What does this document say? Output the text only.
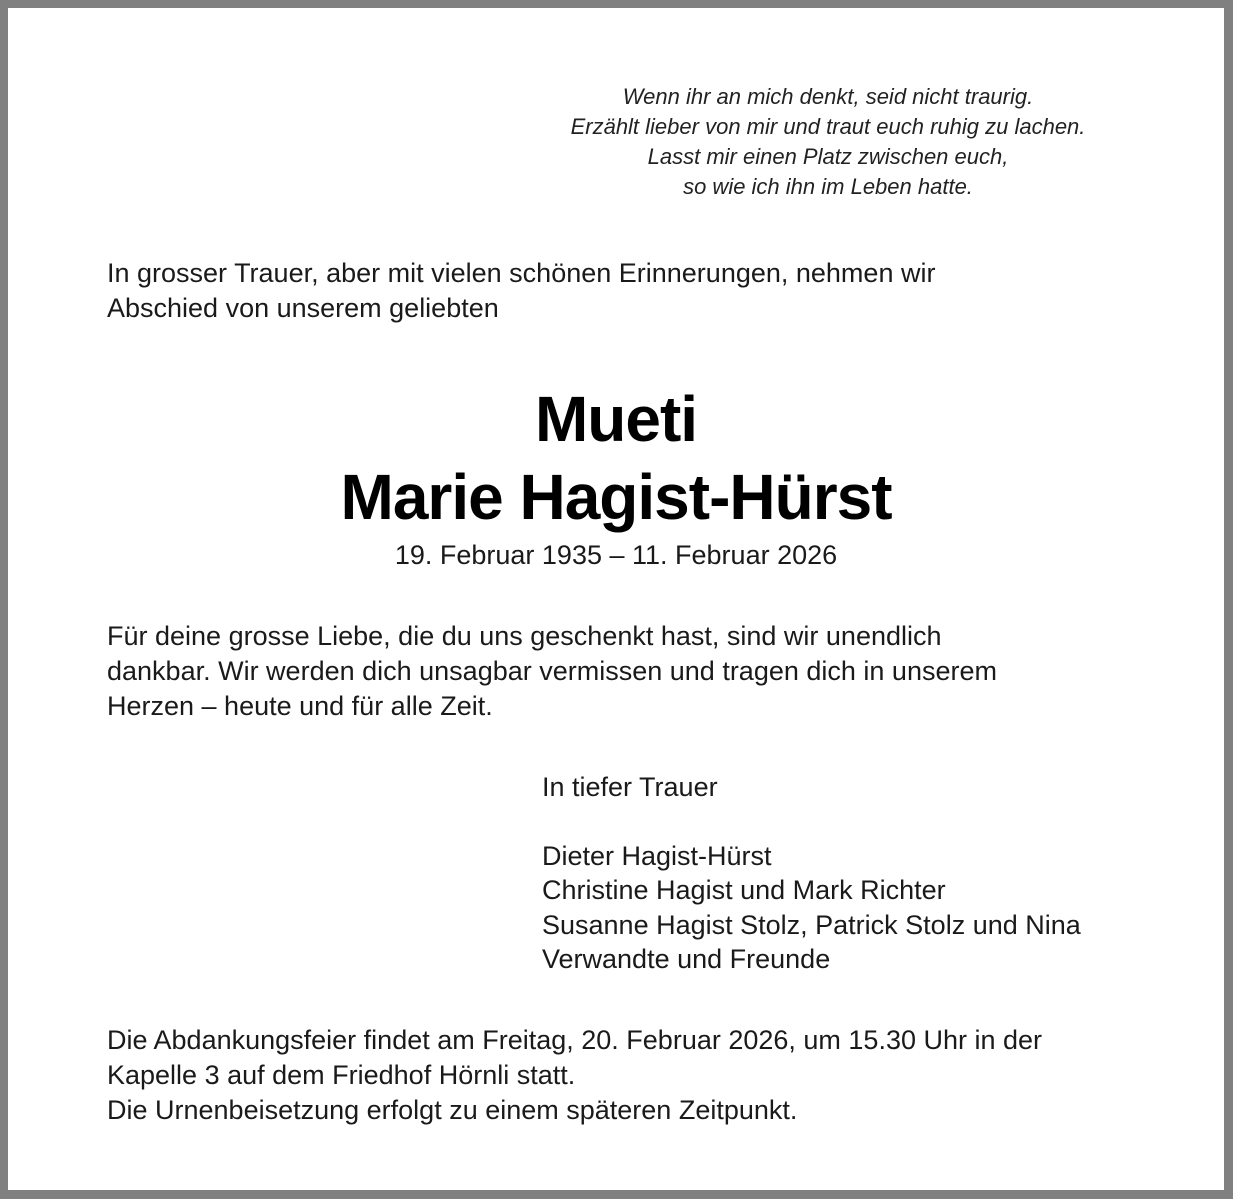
Wenn ihr an mich denkt, seid nicht traurig.
Erzählt lieber von mir und traut euch ruhig zu lachen.
Lasst mir einen Platz zwischen euch,
so wie ich ihn im Leben hatte.
In grosser Trauer, aber mit vielen schönen Erinnerungen, nehmen wir
Abschied von unserem geliebten
Mueti
Marie Hagist-Hürst
19. Februar 1935 – 11. Februar 2026
Für deine grosse Liebe, die du uns geschenkt hast, sind wir unendlich
dankbar. Wir werden dich unsagbar vermissen und tragen dich in unserem
Herzen – heute und für alle Zeit.
In tiefer Trauer
Dieter Hagist-Hürst
Christine Hagist und Mark Richter
Susanne Hagist Stolz, Patrick Stolz und Nina
Verwandte und Freunde
Die Abdankungsfeier findet am Freitag, 20. Februar 2026, um 15.30 Uhr in der
Kapelle 3 auf dem Friedhof Hörnli statt.
Die Urnenbeisetzung erfolgt zu einem späteren Zeitpunkt.
